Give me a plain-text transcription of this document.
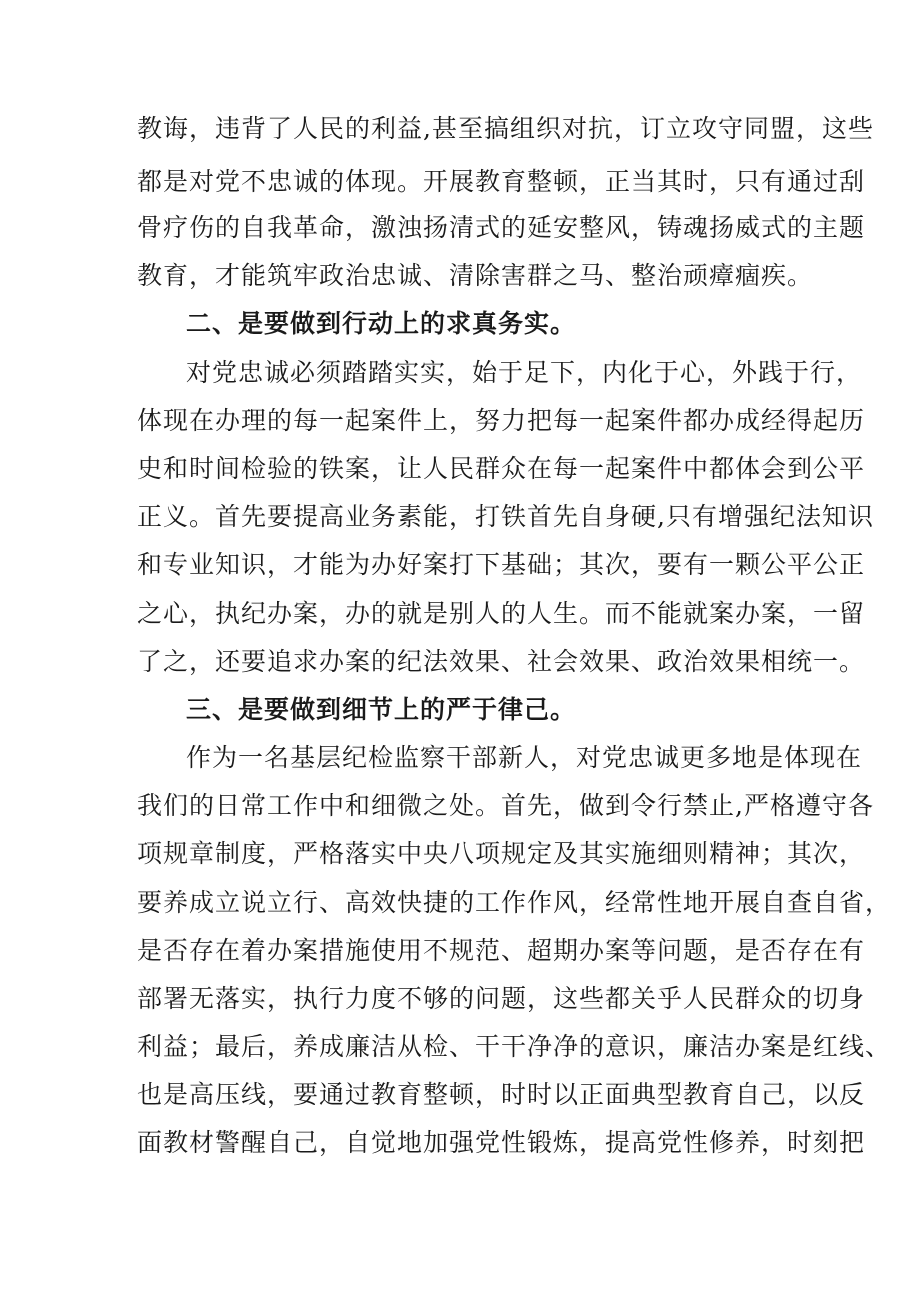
教诲，违背了人民的利益,甚至搞组织对抗，订立攻守同盟，这些
都是对党不忠诚的体现。开展教育整顿，正当其时，只有通过刮
骨疗伤的自我革命，激浊扬清式的延安整风，铸魂扬威式的主题
教育，才能筑牢政治忠诚、清除害群之马、整治顽瘴痼疾。
二、是要做到行动上的求真务实。
对党忠诚必须踏踏实实，始于足下，内化于心，外践于行，
体现在办理的每一起案件上，努力把每一起案件都办成经得起历
史和时间检验的铁案，让人民群众在每一起案件中都体会到公平
正义。首先要提高业务素能，打铁首先自身硬,只有增强纪法知识
和专业知识，才能为办好案打下基础；其次，要有一颗公平公正
之心，执纪办案，办的就是别人的人生。而不能就案办案，一留
了之，还要追求办案的纪法效果、社会效果、政治效果相统一。
三、是要做到细节上的严于律己。
作为一名基层纪检监察干部新人，对党忠诚更多地是体现在
我们的日常工作中和细微之处。首先，做到令行禁止,严格遵守各
项规章制度，严格落实中央八项规定及其实施细则精神；其次，
要养成立说立行、高效快捷的工作作风，经常性地开展自查自省，
是否存在着办案措施使用不规范、超期办案等问题，是否存在有
部署无落实，执行力度不够的问题，这些都关乎人民群众的切身
利益；最后，养成廉洁从检、干干净净的意识，廉洁办案是红线、
也是高压线，要通过教育整顿，时时以正面典型教育自己，以反
面教材警醒自己，自觉地加强党性锻炼，提高党性修养，时刻把
